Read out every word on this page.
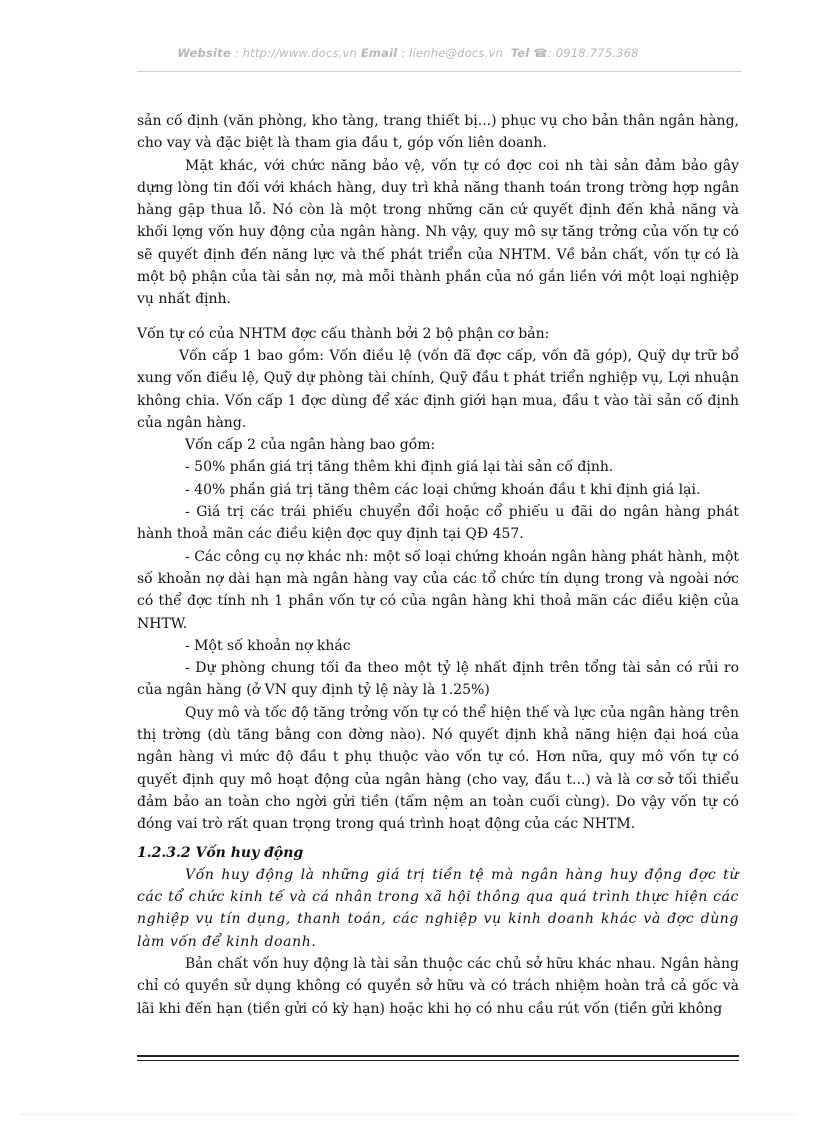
Website : http://www.docs.vn Email : lienhe@docs.vn Tel ☎: 0918.775.368

sản cố định (văn phòng, kho tàng, trang thiết bị...) phục vụ cho bản thân ngân hàng, cho vay và đặc biệt là tham gia đầu t, góp vốn liên doanh.

Mặt khác, với chức năng bảo vệ, vốn tự có đợc coi nh tài sản đảm bảo gây dựng lòng tin đối với khách hàng, duy trì khả năng thanh toán trong trờng hợp ngân hàng gặp thua lỗ. Nó còn là một trong những căn cứ quyết định đến khả năng và khối lợng vốn huy động của ngân hàng. Nh vậy, quy mô sự tăng trởng của vốn tự có sẽ quyết định đến năng lực và thế phát triển của NHTM. Về bản chất, vốn tự có là một bộ phận của tài sản nợ, mà mỗi thành phần của nó gắn liền với một loại nghiệp vụ nhất định.

Vốn tự có của NHTM đợc cấu thành bởi 2 bộ phận cơ bản:

Vốn cấp 1 bao gồm: Vốn điều lệ (vốn đã đợc cấp, vốn đã góp), Quỹ dự trữ bổ xung vốn điều lệ, Quỹ dự phòng tài chính, Quỹ đầu t phát triển nghiệp vụ, Lợi nhuận không chia. Vốn cấp 1 đợc dùng để xác định giới hạn mua, đầu t vào tài sản cố định của ngân hàng.

Vốn cấp 2 của ngân hàng bao gồm:

- 50% phần giá trị tăng thêm khi định giá lại tài sản cố định.

- 40% phần giá trị tăng thêm các loại chứng khoán đầu t khi định giá lại.

- Giá trị các trái phiếu chuyển đổi hoặc cổ phiếu u đãi do ngân hàng phát hành thoả mãn các điều kiện đợc quy định tại QĐ 457.

- Các công cụ nợ khác nh: một số loại chứng khoán ngân hàng phát hành, một số khoản nợ dài hạn mà ngân hàng vay của các tổ chức tín dụng trong và ngoài nớc có thể đợc tính nh 1 phần vốn tự có của ngân hàng khi thoả mãn các điều kiện của NHTW.

- Một số khoản nợ khác

- Dự phòng chung tối đa theo một tỷ lệ nhất định trên tổng tài sản có rủi ro của ngân hàng (ở VN quy định tỷ lệ này là 1.25%)

Quy mô và tốc độ tăng trởng vốn tự có thể hiện thế và lực của ngân hàng trên thị trờng (dù tăng bằng con đờng nào). Nó quyết định khả năng hiện đại hoá của ngân hàng vì mức độ đầu t phụ thuộc vào vốn tự có. Hơn nữa, quy mô vốn tự có quyết định quy mô hoạt động của ngân hàng (cho vay, đầu t...) và là cơ sở tối thiểu đảm bảo an toàn cho ngời gửi tiền (tấm nệm an toàn cuối cùng). Do vậy vốn tự có đóng vai trò rất quan trọng trong quá trình hoạt động của các NHTM.

1.2.3.2 Vốn huy động

Vốn huy động là những giá trị tiền tệ mà ngân hàng huy động đợc từ các tổ chức kinh tế và cá nhân trong xã hội thông qua quá trình thực hiện các nghiệp vụ tín dụng, thanh toán, các nghiệp vụ kinh doanh khác và đợc dùng làm vốn để kinh doanh.

Bản chất vốn huy động là tài sản thuộc các chủ sở hữu khác nhau. Ngân hàng chỉ có quyền sử dụng không có quyền sở hữu và có trách nhiệm hoàn trả cả gốc và lãi khi đến hạn (tiền gửi có kỳ hạn) hoặc khi họ có nhu cầu rút vốn (tiền gửi không
